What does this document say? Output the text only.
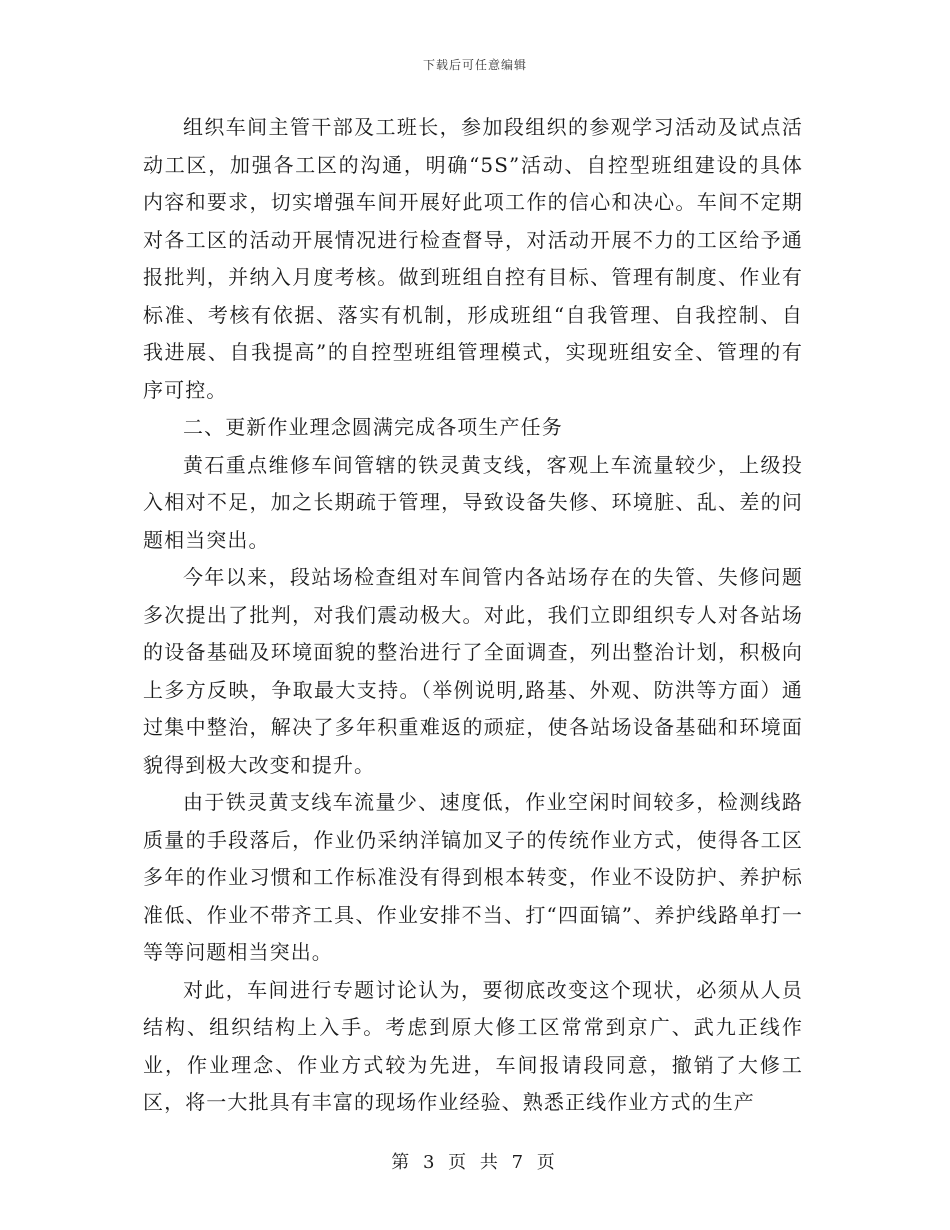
下载后可任意编辑

组织车间主管干部及工班长，参加段组织的参观学习活动及试点活动工区，加强各工区的沟通，明确“5S”活动、自控型班组建设的具体内容和要求，切实增强车间开展好此项工作的信心和决心。车间不定期对各工区的活动开展情况进行检查督导，对活动开展不力的工区给予通报批判，并纳入月度考核。做到班组自控有目标、管理有制度、作业有标准、考核有依据、落实有机制，形成班组“自我管理、自我控制、自我进展、自我提高”的自控型班组管理模式，实现班组安全、管理的有序可控。

二、更新作业理念圆满完成各项生产任务

黄石重点维修车间管辖的铁灵黄支线，客观上车流量较少，上级投入相对不足，加之长期疏于管理，导致设备失修、环境脏、乱、差的问题相当突出。

今年以来，段站场检查组对车间管内各站场存在的失管、失修问题多次提出了批判，对我们震动极大。对此，我们立即组织专人对各站场的设备基础及环境面貌的整治进行了全面调查，列出整治计划，积极向上多方反映，争取最大支持。（举例说明,路基、外观、防洪等方面）通过集中整治，解决了多年积重难返的顽症，使各站场设备基础和环境面貌得到极大改变和提升。

由于铁灵黄支线车流量少、速度低，作业空闲时间较多，检测线路质量的手段落后，作业仍采纳洋镐加叉子的传统作业方式，使得各工区多年的作业习惯和工作标准没有得到根本转变，作业不设防护、养护标准低、作业不带齐工具、作业安排不当、打“四面镐”、养护线路单打一等等问题相当突出。

对此，车间进行专题讨论认为，要彻底改变这个现状，必须从人员结构、组织结构上入手。考虑到原大修工区常常到京广、武九正线作业，作业理念、作业方式较为先进，车间报请段同意，撤销了大修工区，将一大批具有丰富的现场作业经验、熟悉正线作业方式的生产

第 3 页 共 7 页
